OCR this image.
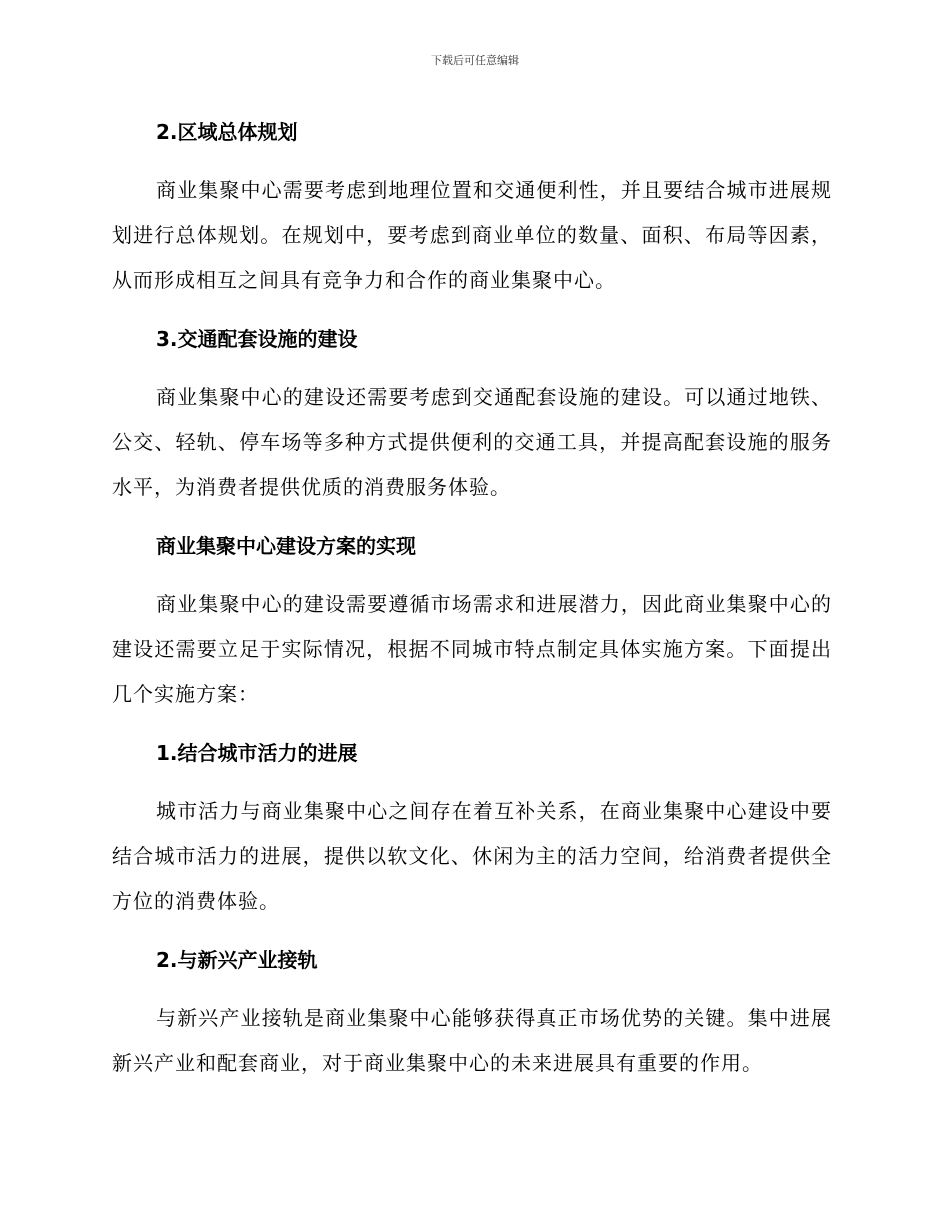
下载后可任意编辑
2.区域总体规划

商业集聚中心需要考虑到地理位置和交通便利性，并且要结合城市进展规划进行总体规划。在规划中，要考虑到商业单位的数量、面积、布局等因素，从而形成相互之间具有竞争力和合作的商业集聚中心。

3.交通配套设施的建设

商业集聚中心的建设还需要考虑到交通配套设施的建设。可以通过地铁、公交、轻轨、停车场等多种方式提供便利的交通工具，并提高配套设施的服务水平，为消费者提供优质的消费服务体验。

商业集聚中心建设方案的实现

商业集聚中心的建设需要遵循市场需求和进展潜力，因此商业集聚中心的建设还需要立足于实际情况，根据不同城市特点制定具体实施方案。下面提出几个实施方案：

1.结合城市活力的进展

城市活力与商业集聚中心之间存在着互补关系，在商业集聚中心建设中要结合城市活力的进展，提供以软文化、休闲为主的活力空间，给消费者提供全方位的消费体验。

2.与新兴产业接轨

与新兴产业接轨是商业集聚中心能够获得真正市场优势的关键。集中进展新兴产业和配套商业，对于商业集聚中心的未来进展具有重要的作用。
